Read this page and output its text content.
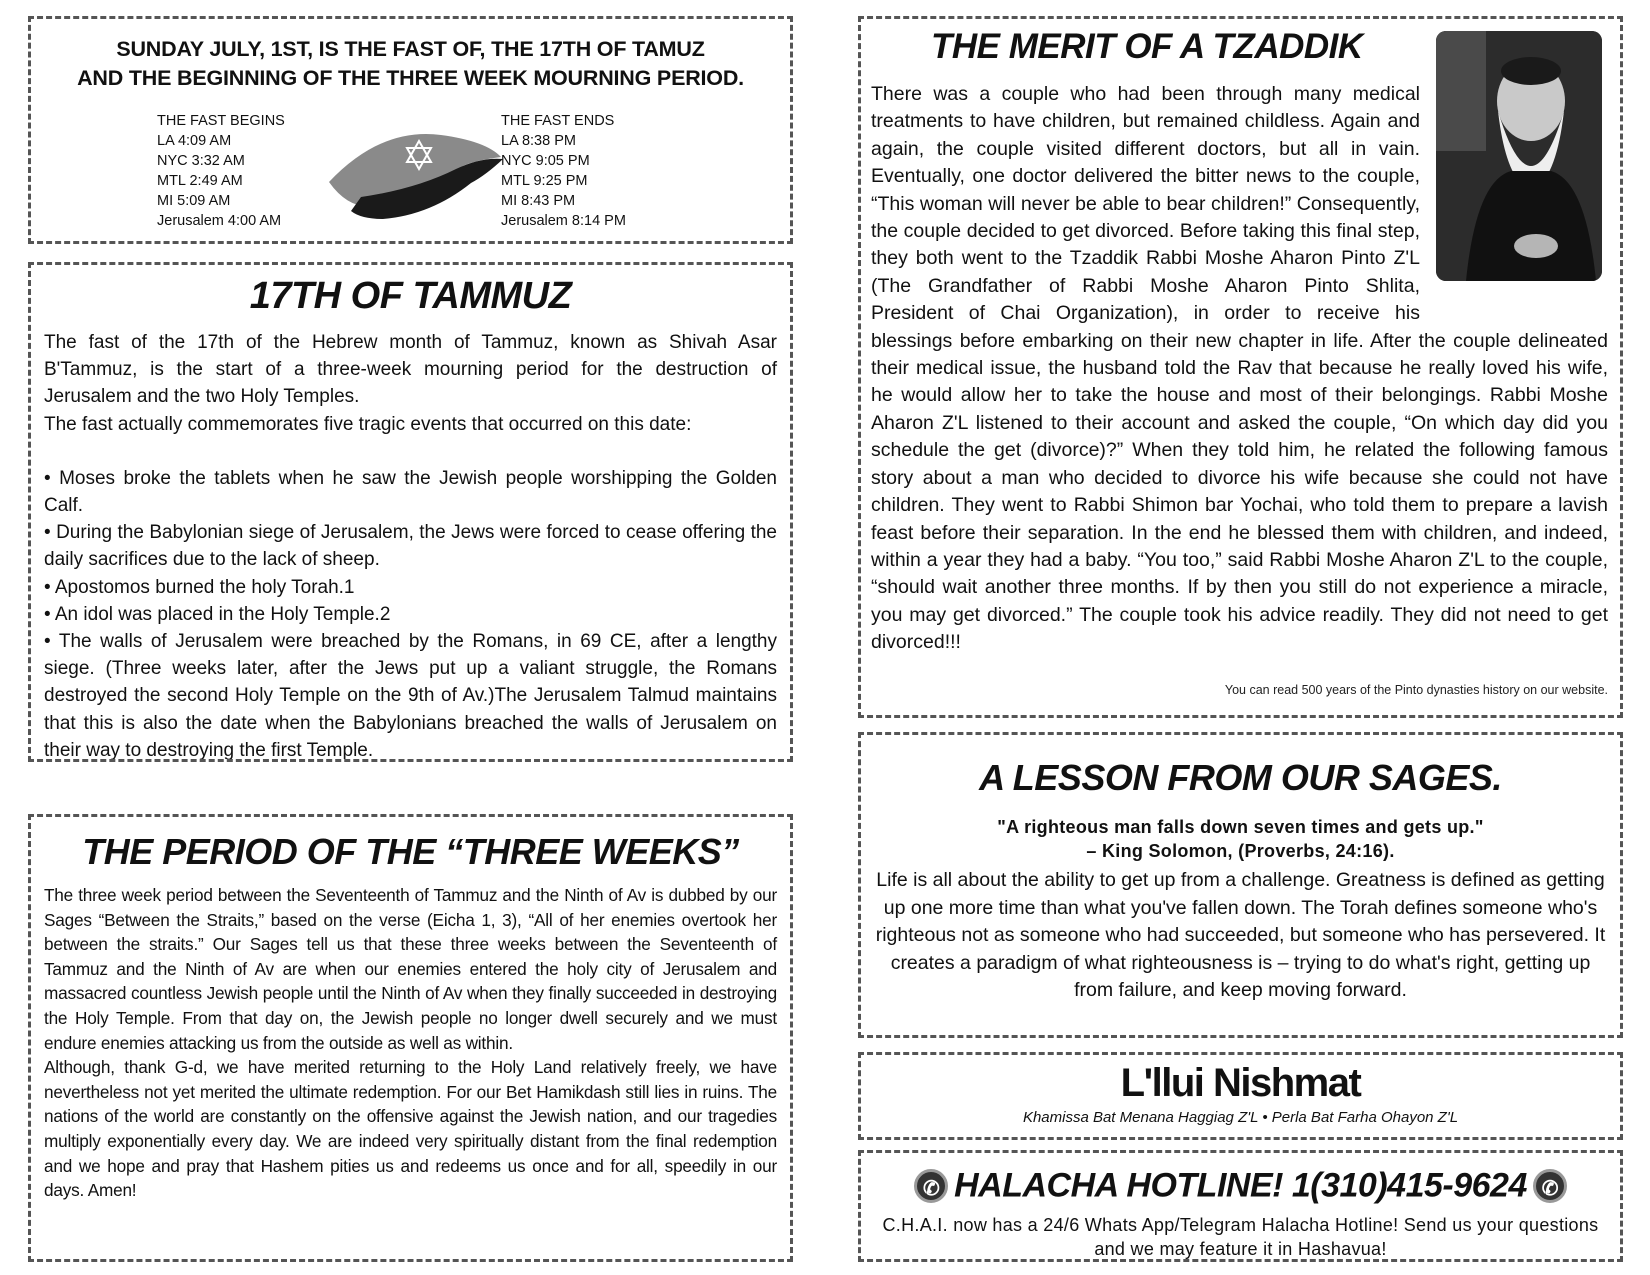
SUNDAY JULY, 1ST, IS THE FAST OF, THE 17TH OF TAMUZ
AND THE BEGINNING OF THE THREE WEEK MOURNING PERIOD.
THE FAST BEGINS
LA 4:09 AM
NYC 3:32 AM
MTL 2:49 AM
MI 5:09 AM
Jerusalem 4:00 AM
THE FAST ENDS
LA 8:38 PM
NYC 9:05 PM
MTL 9:25 PM
MI 8:43 PM
Jerusalem 8:14 PM
17TH OF TAMMUZ

The fast of the 17th of the Hebrew month of Tammuz, known as Shivah Asar B'Tammuz, is the start of a three-week mourning period for the destruction of Jerusalem and the two Holy Temples.

The fast actually commemorates five tragic events that occurred on this date:

• Moses broke the tablets when he saw the Jewish people worshipping the Golden Calf.

• During the Babylonian siege of Jerusalem, the Jews were forced to cease offering the daily sacrifices due to the lack of sheep.

• Apostomos burned the holy Torah.1

• An idol was placed in the Holy Temple.2

• The walls of Jerusalem were breached by the Romans, in 69 CE, after a lengthy siege. (Three weeks later, after the Jews put up a valiant struggle, the Romans destroyed the second Holy Temple on the 9th of Av.)The Jerusalem Talmud maintains that this is also the date when the Babylonians breached the walls of Jerusalem on their way to destroying the first Temple.

THE PERIOD OF THE “THREE WEEKS”

The three week period between the Seventeenth of Tammuz and the Ninth of Av is dubbed by our Sages “Between the Straits,” based on the verse (Eicha 1, 3), “All of her enemies overtook her between the straits.” Our Sages tell us that these three weeks between the Seventeenth of Tammuz and the Ninth of Av are when our enemies entered the holy city of Jerusalem and massacred countless Jewish people until the Ninth of Av when they finally succeeded in destroying the Holy Temple. From that day on, the Jewish people no longer dwell securely and we must endure enemies attacking us from the outside as well as within.

Although, thank G-d, we have merited returning to the Holy Land relatively freely, we have nevertheless not yet merited the ultimate redemption. For our Bet Hamikdash still lies in ruins. The nations of the world are constantly on the offensive against the Jewish nation, and our tragedies multiply exponentially every day. We are indeed very spiritually distant from the final redemption and we hope and pray that Hashem pities us and redeems us once and for all, speedily in our days. Amen!

THE MERIT OF A TZADDIK
There was a couple who had been through many medical treatments to have children, but remained childless. Again and again, the couple visited different doctors, but all in vain. Eventually, one doctor delivered the bitter news to the couple, “This woman will never be able to bear children!” Consequently, the couple decided to get divorced. Before taking this final step, they both went to the Tzaddik Rabbi Moshe Aharon Pinto Z'L (The Grandfather of Rabbi Moshe Aharon Pinto Shlita, President of Chai Organization), in order to receive his blessings before embarking on their new chapter in life. After the couple delineated their medical issue, the husband told the Rav that because he really loved his wife, he would allow her to take the house and most of their belongings. Rabbi Moshe Aharon Z'L listened to their account and asked the couple, “On which day did you schedule the get (divorce)?” When they told him, he related the following famous story about a man who decided to divorce his wife because she could not have children. They went to Rabbi Shimon bar Yochai, who told them to prepare a lavish feast before their separation. In the end he blessed them with children, and indeed, within a year they had a baby. “You too,” said Rabbi Moshe Aharon Z'L to the couple, “should wait another three months. If by then you still do not experience a miracle, you may get divorced.” The couple took his advice readily. They did not need to get divorced!!!
You can read 500 years of the Pinto dynasties history on our website.
A LESSON FROM OUR SAGES.
"A righteous man falls down seven times and gets up."
– King Solomon, (Proverbs, 24:16).
Life is all about the ability to get up from a challenge. Greatness is defined as getting up one more time than what you've fallen down. The Torah defines someone who's righteous not as someone who had succeeded, but someone who has persevered. It creates a paradigm of what righteousness is – trying to do what's right, getting up from failure, and keep moving forward.
L'llui Nishmat
Khamissa Bat Menana Haggiag Z'L • Perla Bat Farha Ohayon Z'L
✆ HALACHA HOTLINE! 1(310)415-9624 ✆
C.H.A.I. now has a 24/6 Whats App/Telegram Halacha Hotline! Send us your questions and we may feature it in Hashavua!
